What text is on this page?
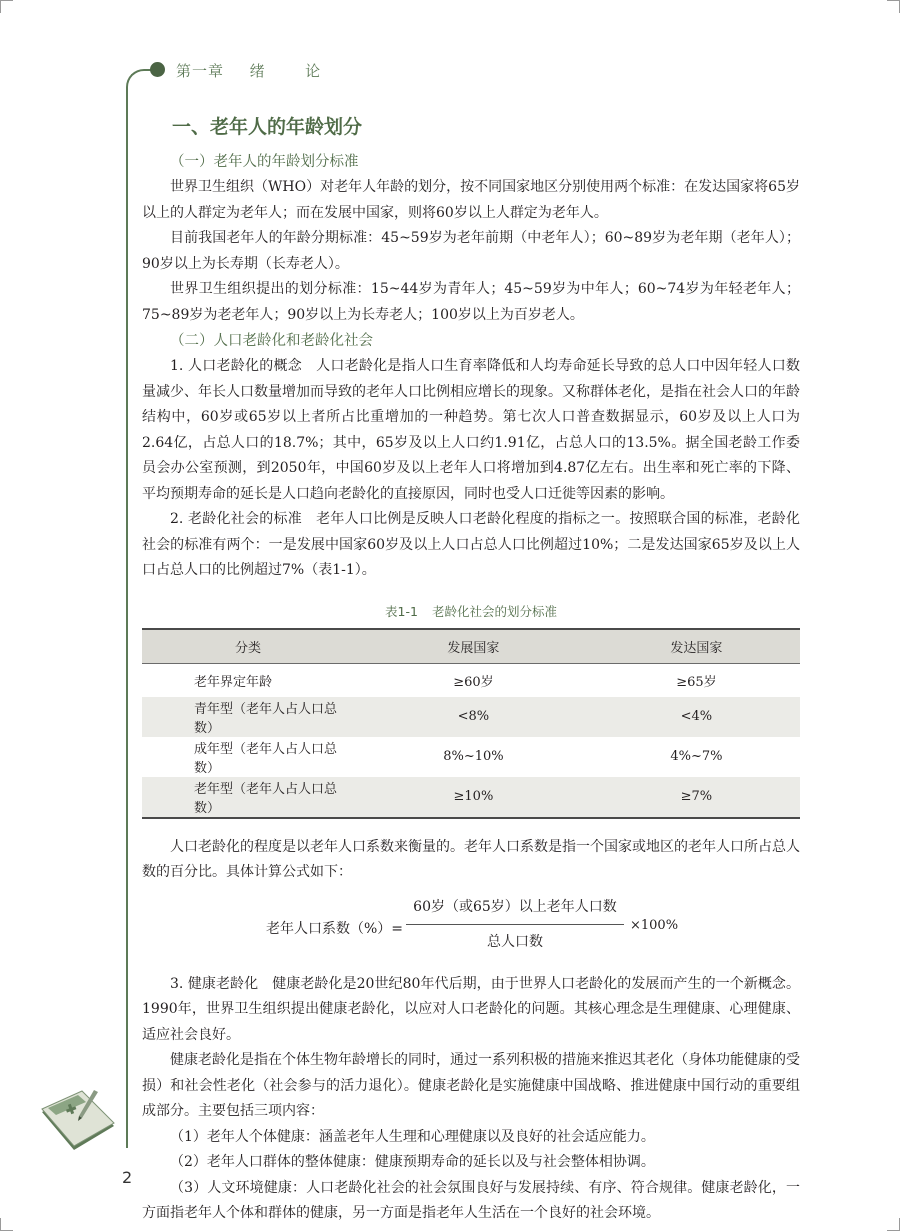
第一章 绪	论
一、老年人的年龄划分
（一）老年人的年龄划分标准

世界卫生组织（WHO）对老年人年龄的划分，按不同国家地区分别使用两个标准：在发达国家将65岁以上的人群定为老年人；而在发展中国家，则将60岁以上人群定为老年人。

目前我国老年人的年龄分期标准：45~59岁为老年前期（中老年人）；60~89岁为老年期（老年人）；90岁以上为长寿期（长寿老人）。

世界卫生组织提出的划分标准：15~44岁为青年人；45~59岁为中年人；60~74岁为年轻老年人；75~89岁为老老年人；90岁以上为长寿老人；100岁以上为百岁老人。

（二）人口老龄化和老龄化社会

1. 人口老龄化的概念　人口老龄化是指人口生育率降低和人均寿命延长导致的总人口中因年轻人口数量减少、年长人口数量增加而导致的老年人口比例相应增长的现象。又称群体老化，是指在社会人口的年龄结构中，60岁或65岁以上者所占比重增加的一种趋势。第七次人口普查数据显示，60岁及以上人口为2.64亿，占总人口的18.7%；其中，65岁及以上人口约1.91亿，占总人口的13.5%。据全国老龄工作委员会办公室预测，到2050年，中国60岁及以上老年人口将增加到4.87亿左右。出生率和死亡率的下降、平均预期寿命的延长是人口趋向老龄化的直接原因，同时也受人口迁徙等因素的影响。

2. 老龄化社会的标准　老年人口比例是反映人口老龄化程度的指标之一。按照联合国的标准，老龄化社会的标准有两个：一是发展中国家60岁及以上人口占总人口比例超过10%；二是发达国家65岁及以上人口占总人口的比例超过7%（表1-1）。

表1-1 老龄化社会的划分标准
分类	发展国家	发达国家
老年界定年龄	≥60岁	≥65岁
青年型（老年人占人口总数）	<8%	<4%
成年型（老年人占人口总数）	8%~10%	4%~7%
老年型（老年人占人口总数）	≥10%	≥7%

人口老龄化的程度是以老年人口系数来衡量的。老年人口系数是指一个国家或地区的老年人口所占总人数的百分比。具体计算公式如下：

老年人口系数（%）=
60岁（或65岁）以上老年人口数
总人口数
×100%

3. 健康老龄化　健康老龄化是20世纪80年代后期，由于世界人口老龄化的发展而产生的一个新概念。1990年，世界卫生组织提出健康老龄化，以应对人口老龄化的问题。其核心理念是生理健康、心理健康、适应社会良好。

健康老龄化是指在个体生物年龄增长的同时，通过一系列积极的措施来推迟其老化（身体功能健康的受损）和社会性老化（社会参与的活力退化）。健康老龄化是实施健康中国战略、推进健康中国行动的重要组成部分。主要包括三项内容：

（1）老年人个体健康：涵盖老年人生理和心理健康以及良好的社会适应能力。

（2）老年人口群体的整体健康：健康预期寿命的延长以及与社会整体相协调。

（3）人文环境健康：人口老龄化社会的社会氛围良好与发展持续、有序、符合规律。健康老龄化，一方面指老年人个体和群体的健康，另一方面是指老年人生活在一个良好的社会环境。

2
